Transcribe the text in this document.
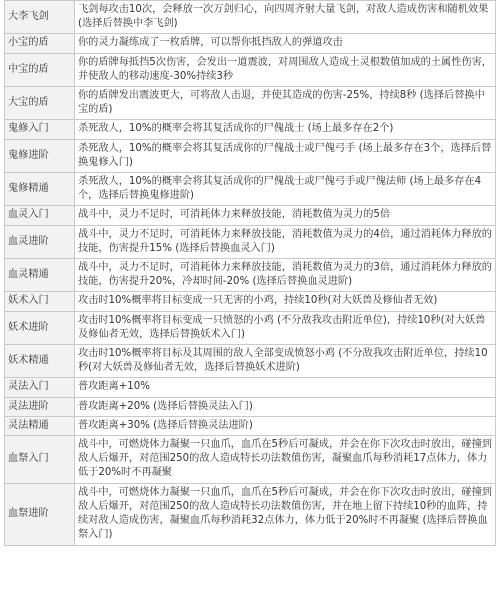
大李飞剑	飞剑每攻击10次，会释放一次万剑归心，向四周齐射大量飞剑，对敌人造成伤害和随机效果 (选择后替换中李飞剑)
小宝的盾	你的灵力凝练成了一枚盾牌，可以帮你抵挡敌人的弹道攻击
中宝的盾	你的盾牌每抵挡5次伤害，会发出一道震波，对周围敌人造成土灵根数值加成的土属性伤害，并使敌人的移动速度-30%持续3秒
大宝的盾	你的盾牌发出震波更大，可将敌人击退，并使其造成的伤害-25%，持续8秒 (选择后替换中宝的盾)
鬼修入门	杀死敌人，10%的概率会将其复活成你的尸傀战士 (场上最多存在2个)
鬼修进阶	杀死敌人，10%的概率会将其复活成你的尸傀战士或尸傀弓手 (场上最多存在3个，选择后替换鬼修入门)
鬼修精通	杀死敌人，10%的概率会将其复活成你的尸傀战士或尸傀弓手或尸傀法师 (场上最多存在4个，选择后替换鬼修进阶)
血灵入门	战斗中，灵力不足时，可消耗体力来释放技能，消耗数值为灵力的5倍
血灵进阶	战斗中，灵力不足时，可消耗体力来释放技能，消耗数值为灵力的4倍，通过消耗体力释放的技能，伤害提升15% (选择后替换血灵入门)
血灵精通	战斗中，灵力不足时，可消耗体力来释放技能，消耗数值为灵力的3倍，通过消耗体力释放的技能，伤害提升20%，冷却时间-20% (选择后替换血灵进阶)
妖术入门	攻击时10%概率将目标变成一只无害的小鸡，持续10秒(对大妖兽及修仙者无效)
妖术进阶	攻击时10%概率将目标变成一只愤怒的小鸡 (不分敌我攻击附近单位)，持续10秒(对大妖兽及修仙者无效，选择后替换妖术入门)
妖术精通	攻击时10%概率将目标及其周围的敌人全部变成愤怒小鸡 (不分敌我攻击附近单位，持续10秒(对大妖兽及修仙者无效，选择后替换妖术进阶)
灵法入门	普攻距离+10%
灵法进阶	普攻距离+20% (选择后替换灵法入门)
灵法精通	普攻距离+30% (选择后替换灵法进阶)
血祭入门	战斗中，可燃烧体力凝聚一只血爪，血爪在5秒后可凝成，并会在你下次攻击时放出，碰撞到敌人后爆开，对范围250的敌人造成特长功法数值伤害，凝聚血爪每秒消耗17点体力，体力低于20%时不再凝聚
血祭进阶	战斗中，可燃烧体力凝聚一只血爪，血爪在5秒后可凝成，并会在你下次攻击时放出，碰撞到敌人后爆开，对范围250的敌人造成特长功法数值伤害，并在地上留下持续10秒的血阵，持续对敌人造成伤害，凝聚血爪每秒消耗32点体力，体力低于20%时不再凝聚 (选择后替换血祭入门)
